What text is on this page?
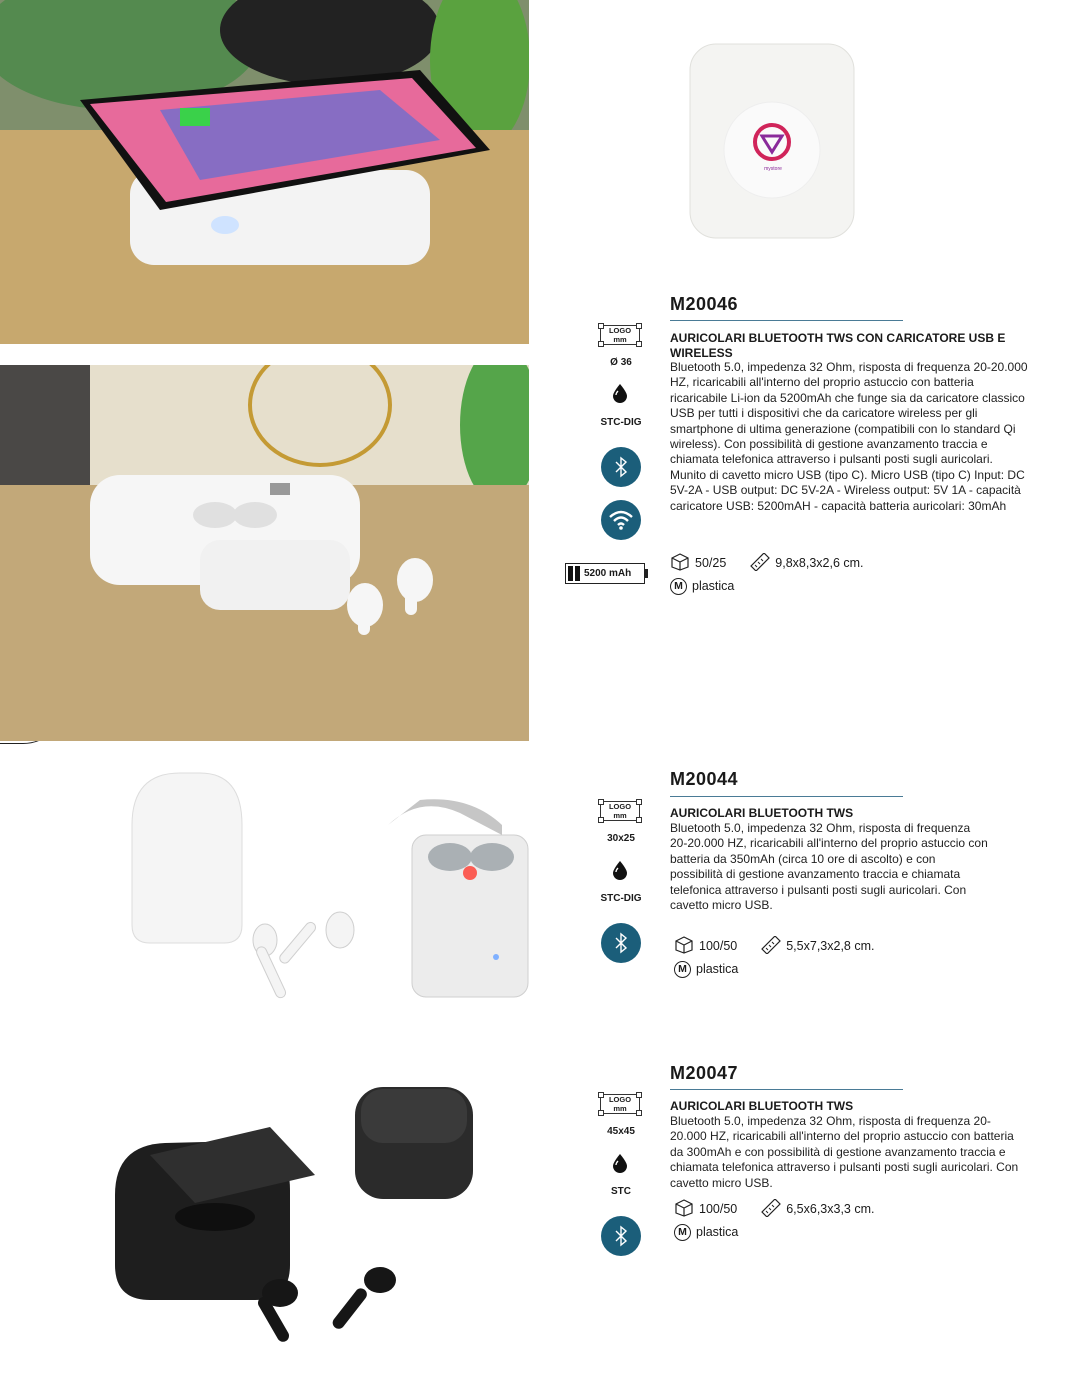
mystore
LOGO
mm
Ø 36
STC-DIG
5200 mAh
M20046
AURICOLARI BLUETOOTH TWS CON CARICATORE USB E WIRELESS
Bluetooth 5.0, impedenza 32 Ohm, risposta di frequenza 20-20.000 HZ, ricaricabili all'interno del proprio astuccio con batteria ricaricabile Li-ion da 5200mAh che funge sia da caricatore classico USB per tutti i dispositivi che da caricatore wireless per gli smartphone di ultima generazione (compatibili con lo standard Qi wireless). Con possibilità di gestione avanzamento traccia e chiamata telefonica attraverso i pulsanti posti sugli auricolari. Munito di cavetto micro USB (tipo C). Micro USB (tipo C) Input: DC 5V-2A - USB output: DC 5V-2A - Wireless output: 5V 1A - capacità caricatore USB: 5200mAH - capacità batteria auricolari: 30mAh
50/25	9,8x8,3x2,6 cm.
M plastica
LOGO
mm
30x25
STC-DIG
M20044
AURICOLARI BLUETOOTH TWS
Bluetooth 5.0, impedenza 32 Ohm, risposta di frequenza 20-20.000 HZ, ricaricabili all'interno del proprio astuccio con batteria da 350mAh (circa 10 ore di ascolto) e con possibilità di gestione avanzamento traccia e chiamata telefonica attraverso i pulsanti posti sugli auricolari. Con cavetto micro USB.
100/50	5,5x7,3x2,8 cm.
M plastica
LOGO
mm
45x45
STC
M20047
AURICOLARI BLUETOOTH TWS
Bluetooth 5.0, impedenza 32 Ohm, risposta di frequenza 20-20.000 HZ, ricaricabili all'interno del proprio astuccio con batteria da 300mAh e con possibilità di gestione avanzamento traccia e chiamata telefonica attraverso i pulsanti posti sugli auricolari. Con cavetto micro USB.
100/50	6,5x6,3x3,3 cm.
M plastica
